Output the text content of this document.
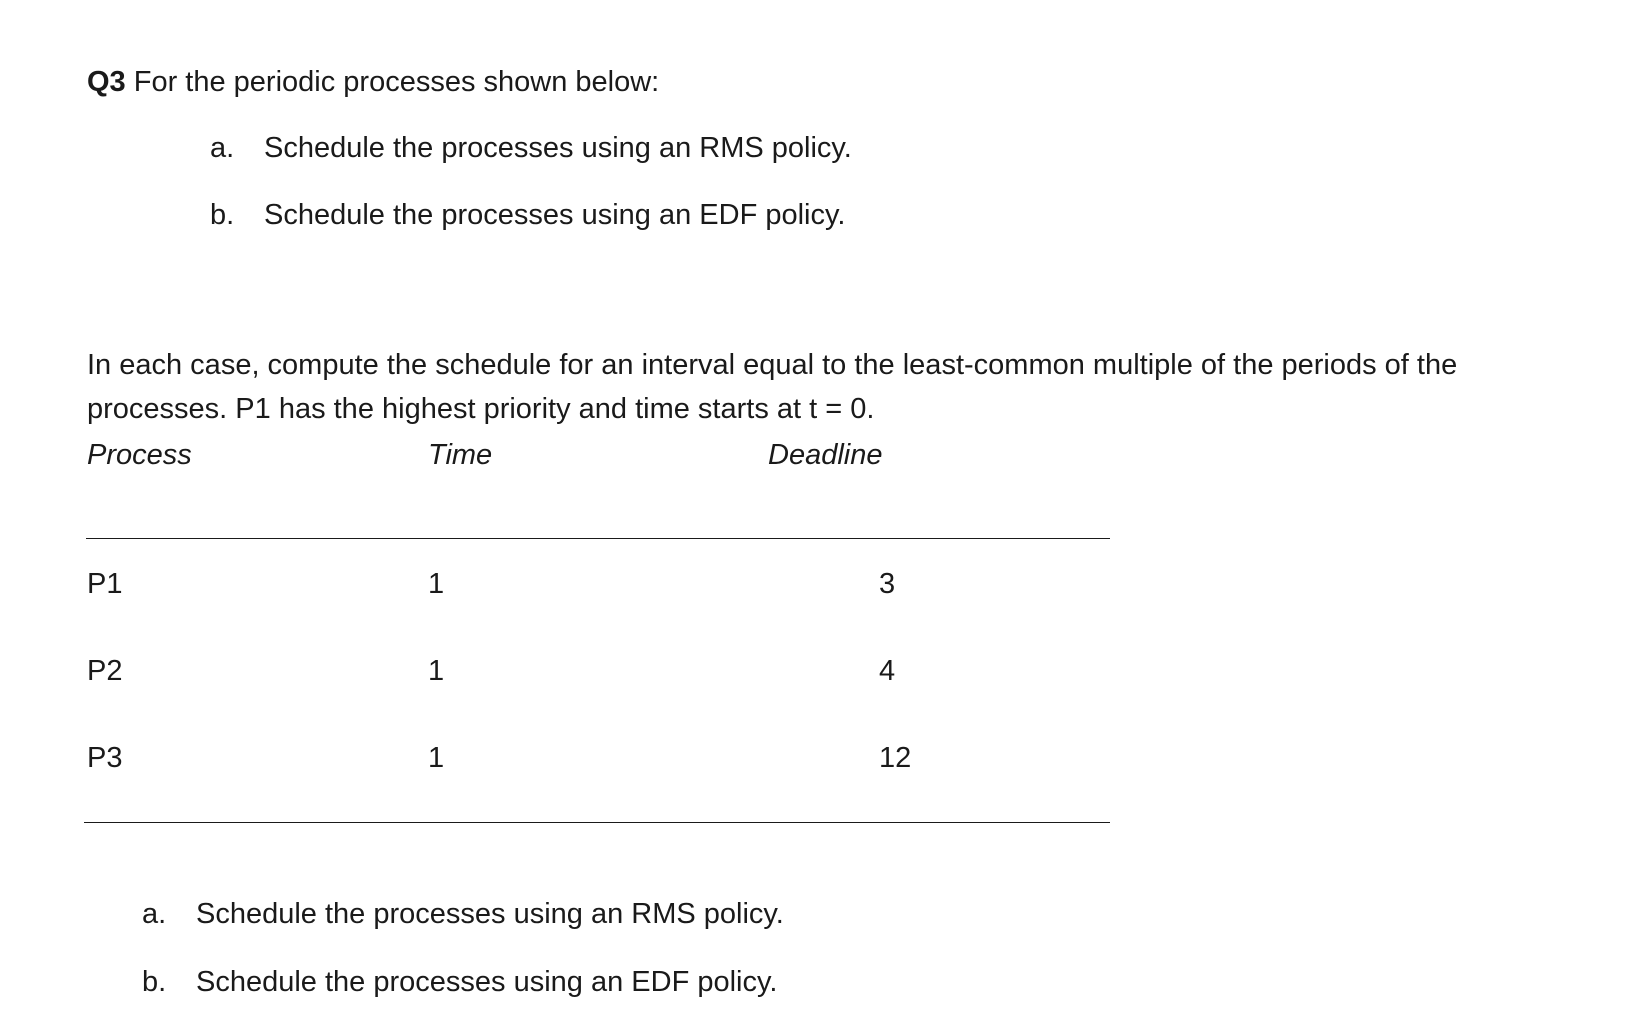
Q3 For the periodic processes shown below:
a. Schedule the processes using an RMS policy.
b. Schedule the processes using an EDF policy.
In each case, compute the schedule for an interval equal to the least-common multiple of the periods of the processes. P1 has the highest priority and time starts at t = 0.
Process	Time	Deadline
P1	1	3
P2	1	4
P3	1	12
a. Schedule the processes using an RMS policy.
b. Schedule the processes using an EDF policy.
